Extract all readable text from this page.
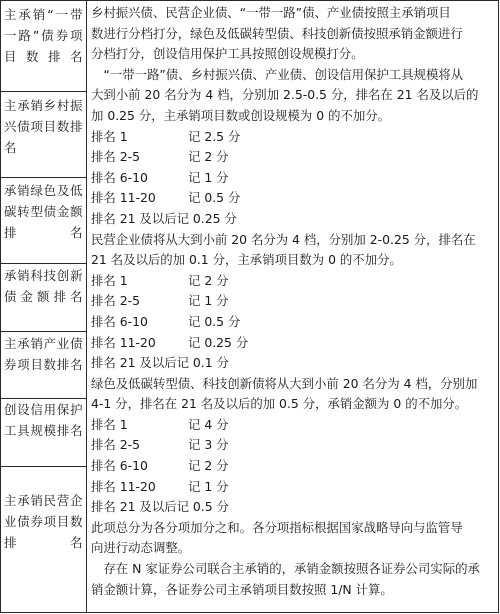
主承销“一带一路”债券项目数排名
主承销乡村振兴债项目数排名
承销绿色及低碳转型债金额排名
承销科技创新债金额排名
主承销产业债券项目数排名
创设信用保护工具规模排名
主承销民营企业债券项目数排名
乡村振兴债、民营企业债、“一带一路”债、产业债按照主承销项目
数进行分档打分，绿色及低碳转型债、科技创新债按照承销金额进行
分档打分，创设信用保护工具按照创设规模打分。
　“一带一路”债、乡村振兴债、产业债、创设信用保护工具规模将从
大到小前 20 名分为 4 档，分别加 2.5-0.5 分，排名在 21 名及以后的
加 0.25 分，主承销项目数或创设规模为 0 的不加分。
排名 1	记 2.5 分
排名 2-5	记 2 分
排名 6-10	记 1 分
排名 11-20	记 0.5 分
排名 21 及以后记 0.25 分
民营企业债将从大到小前 20 名分为 4 档，分别加 2-0.25 分，排名在
21 名及以后的加 0.1 分，主承销项目数为 0 的不加分。
排名 1	记 2 分
排名 2-5	记 1 分
排名 6-10	记 0.5 分
排名 11-20	记 0.25 分
排名 21 及以后记 0.1 分
绿色及低碳转型债、科技创新债将从大到小前 20 名分为 4 档，分别加
4-1 分，排名在 21 名及以后的加 0.5 分，承销金额为 0 的不加分。
排名 1	记 4 分
排名 2-5	记 3 分
排名 6-10	记 2 分
排名 11-20	记 1 分
排名 21 及以后记 0.5 分
此项总分为各分项加分之和。各分项指标根据国家战略导向与监管导
向进行动态调整。
　存在 N 家证券公司联合主承销的，承销金额按照各证券公司实际的承
销金额计算，各证券公司主承销项目数按照 1/N 计算。
